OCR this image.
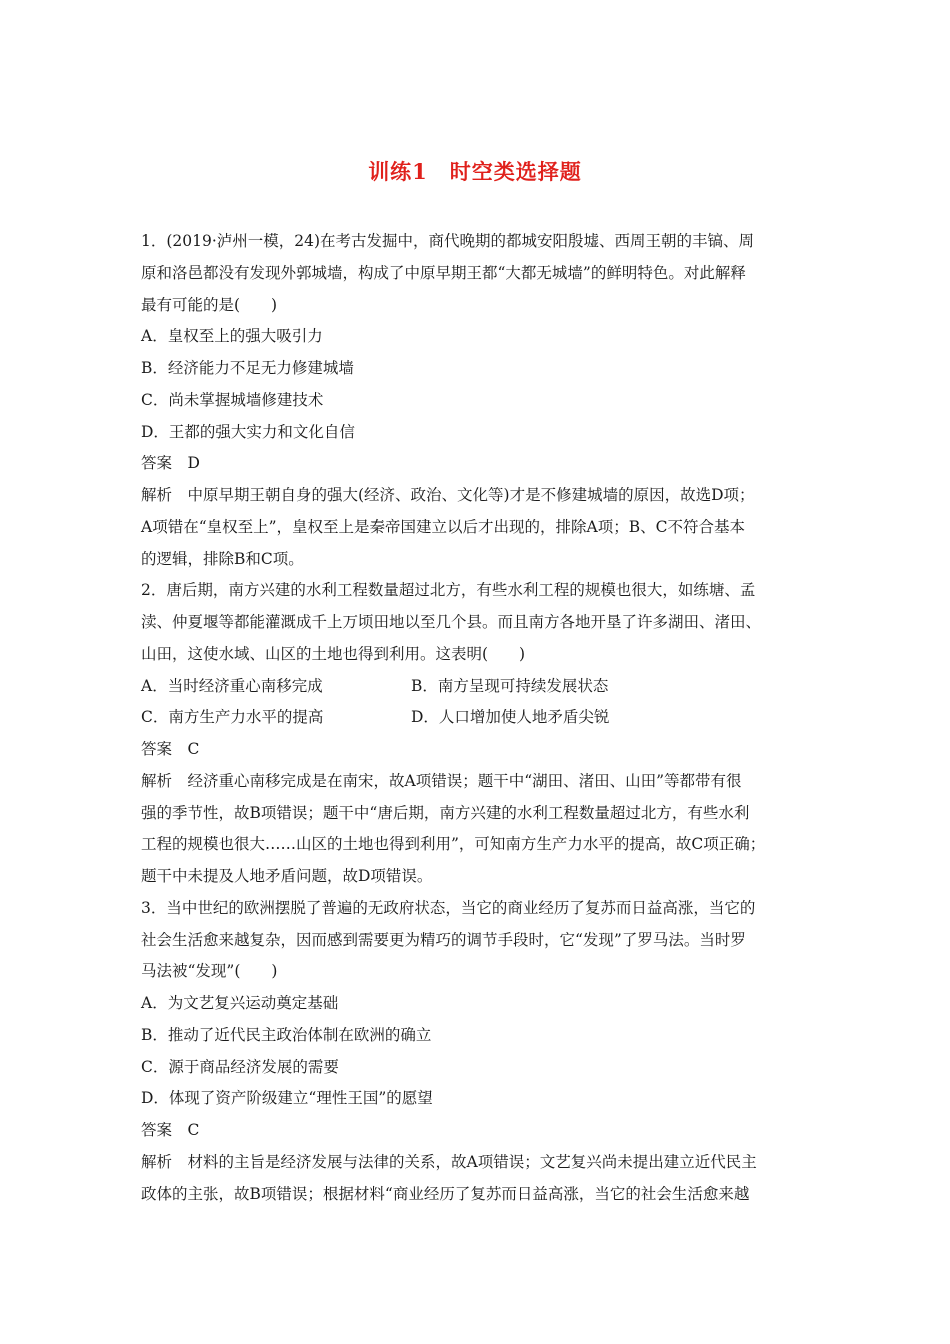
训练1　时空类选择题
1．(2019·泸州一模，24)在考古发掘中，商代晚期的都城安阳殷墟、西周王朝的丰镐、周
原和洛邑都没有发现外郭城墙，构成了中原早期王都“大都无城墙”的鲜明特色。对此解释
最有可能的是(　　)
A．皇权至上的强大吸引力
B．经济能力不足无力修建城墙
C．尚未掌握城墙修建技术
D．王都的强大实力和文化自信
答案　D
解析　中原早期王朝自身的强大(经济、政治、文化等)才是不修建城墙的原因，故选D项；
A项错在“皇权至上”，皇权至上是秦帝国建立以后才出现的，排除A项；B、C不符合基本
的逻辑，排除B和C项。
2．唐后期，南方兴建的水利工程数量超过北方，有些水利工程的规模也很大，如练塘、孟
渎、仲夏堰等都能灌溉成千上万顷田地以至几个县。而且南方各地开垦了许多湖田、渚田、
山田，这使水域、山区的土地也得到利用。这表明(　　)
A．当时经济重心南移完成	B．南方呈现可持续发展状态
C．南方生产力水平的提高	D．人口增加使人地矛盾尖锐
答案　C
解析　经济重心南移完成是在南宋，故A项错误；题干中“湖田、渚田、山田”等都带有很
强的季节性，故B项错误；题干中“唐后期，南方兴建的水利工程数量超过北方，有些水利
工程的规模也很大……山区的土地也得到利用”，可知南方生产力水平的提高，故C项正确；
题干中未提及人地矛盾问题，故D项错误。
3．当中世纪的欧洲摆脱了普遍的无政府状态，当它的商业经历了复苏而日益高涨，当它的
社会生活愈来越复杂，因而感到需要更为精巧的调节手段时，它“发现”了罗马法。当时罗
马法被“发现”(　　)
A．为文艺复兴运动奠定基础
B．推动了近代民主政治体制在欧洲的确立
C．源于商品经济发展的需要
D．体现了资产阶级建立“理性王国”的愿望
答案　C
解析　材料的主旨是经济发展与法律的关系，故A项错误；文艺复兴尚未提出建立近代民主
政体的主张，故B项错误；根据材料“商业经历了复苏而日益高涨，当它的社会生活愈来越
